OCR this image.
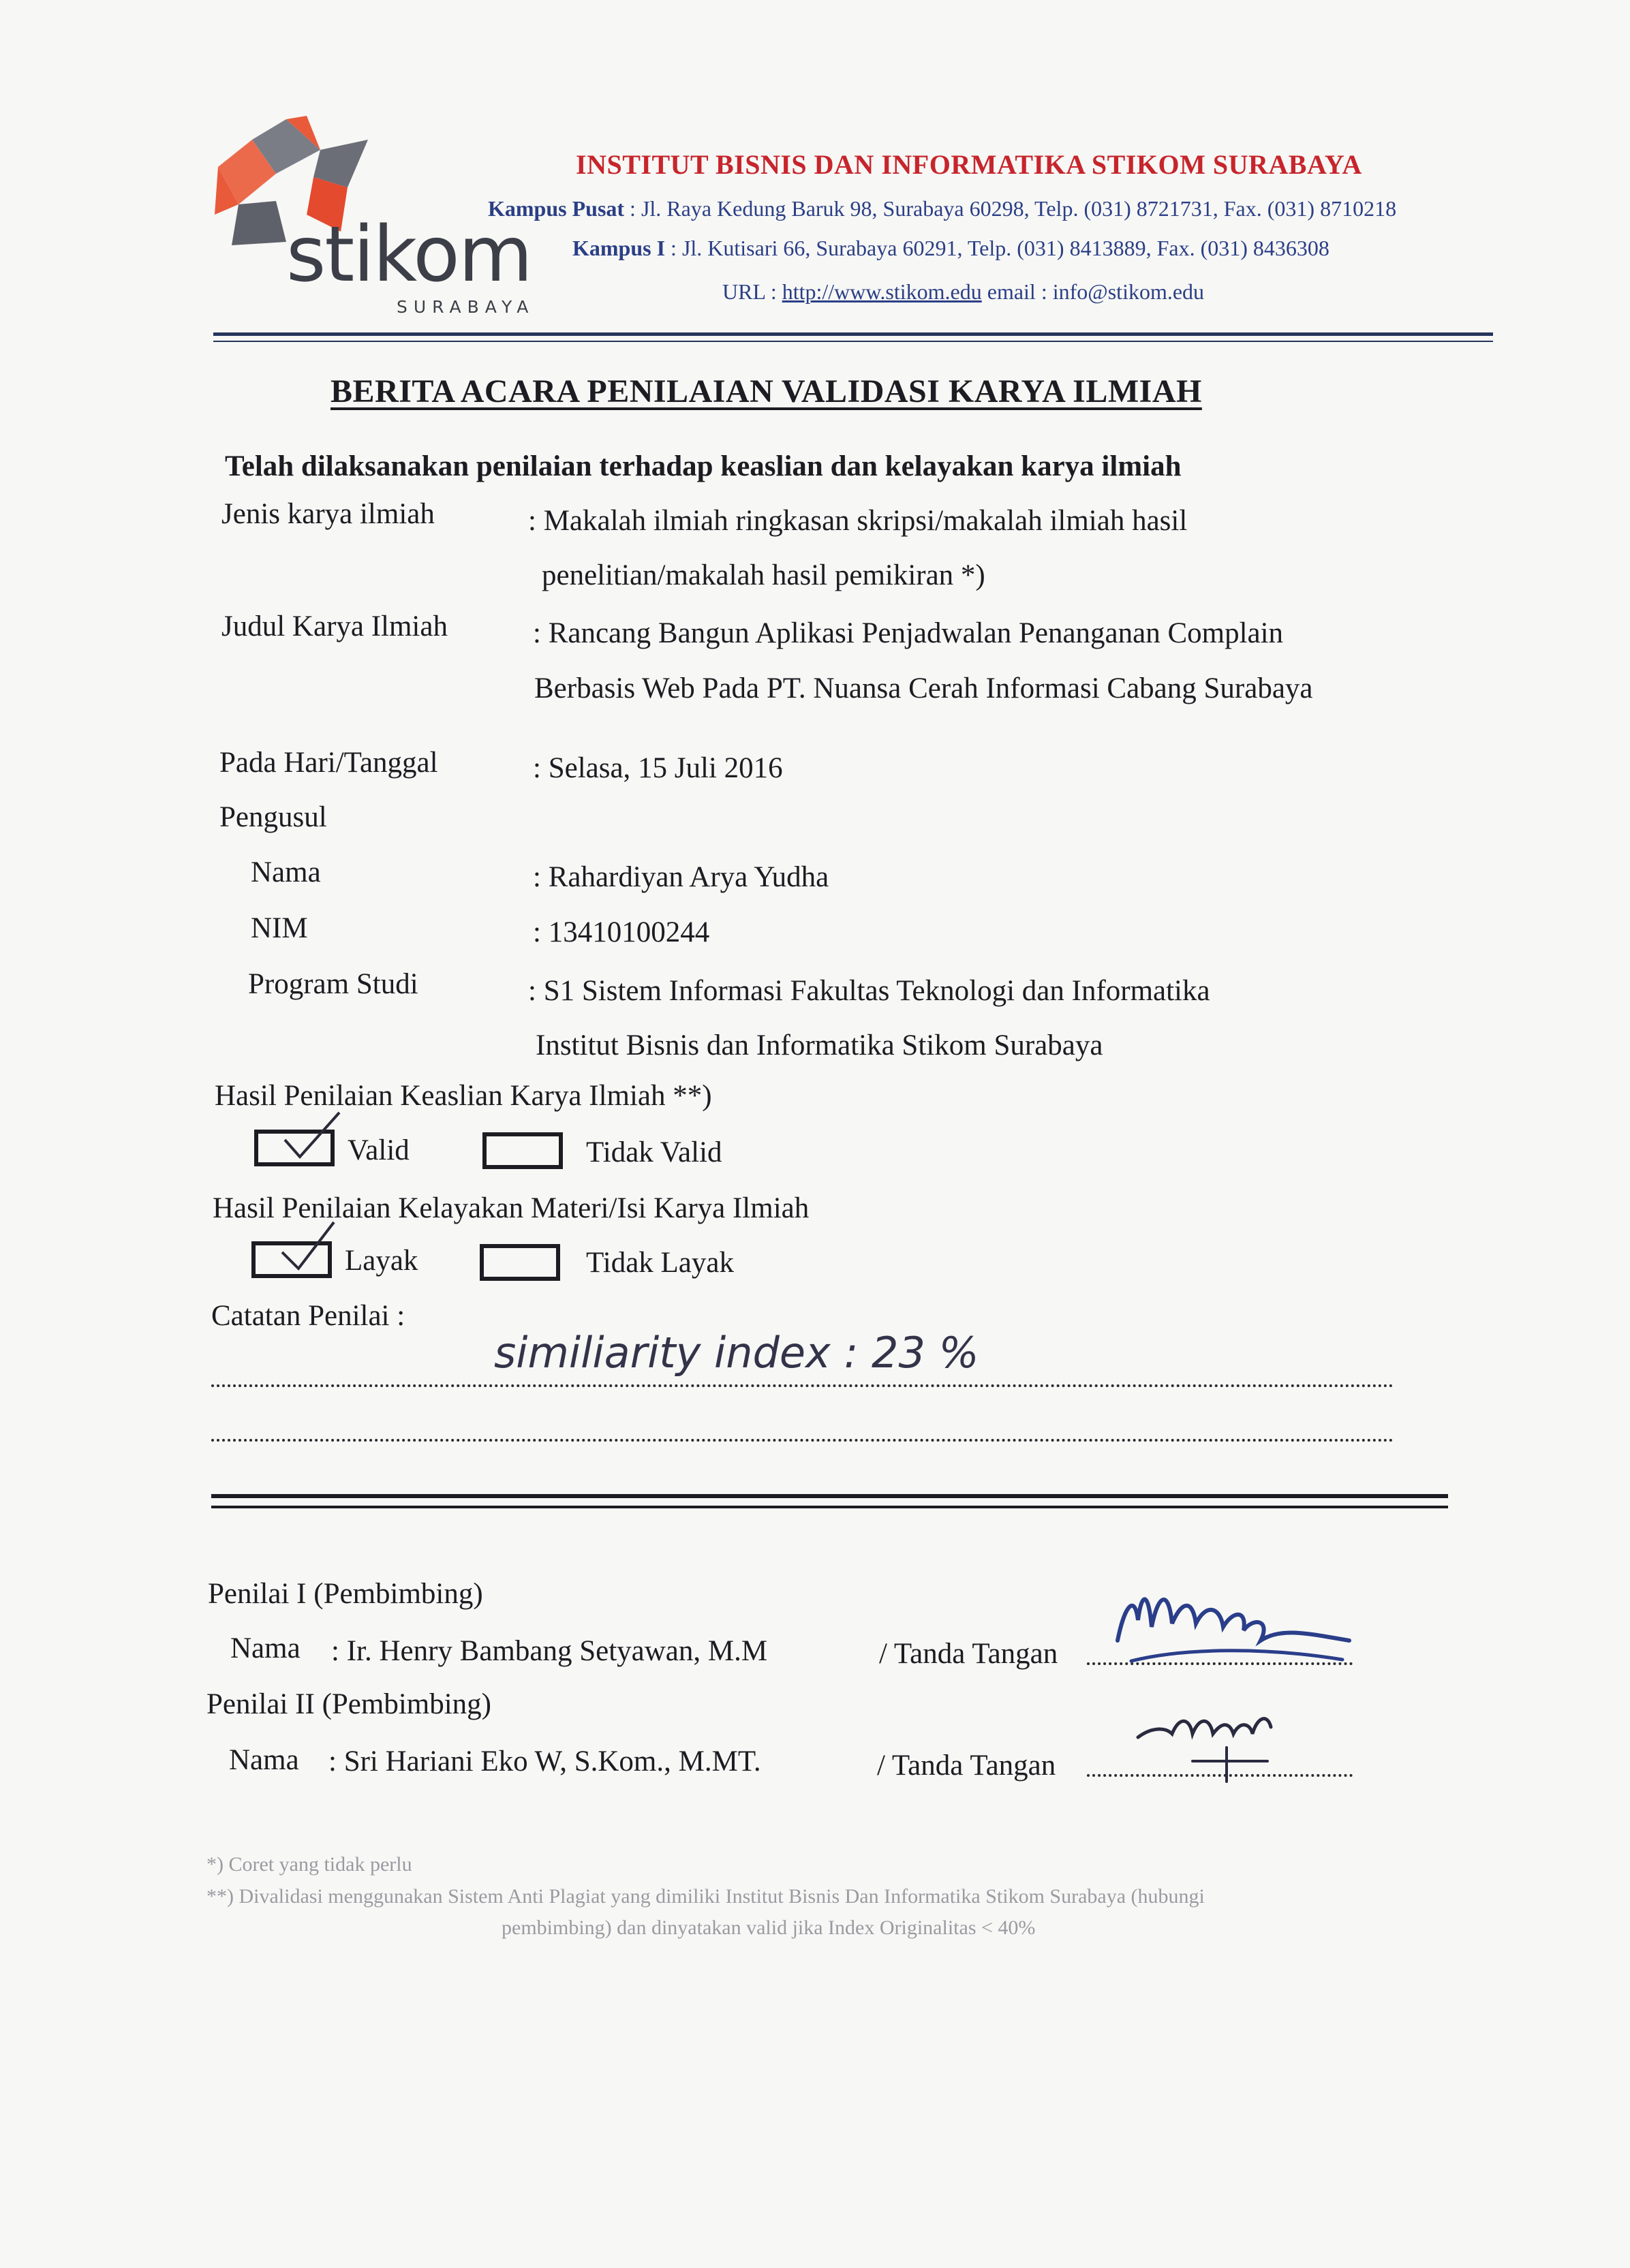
stikom
SURABAYA
INSTITUT BISNIS DAN INFORMATIKA STIKOM SURABAYA
Kampus Pusat : Jl. Raya Kedung Baruk 98, Surabaya 60298, Telp. (031) 8721731, Fax. (031) 8710218
Kampus I : Jl. Kutisari 66, Surabaya 60291, Telp. (031) 8413889, Fax. (031) 8436308
URL : http://www.stikom.edu email : info@stikom.edu
BERITA ACARA PENILAIAN VALIDASI KARYA ILMIAH
Telah dilaksanakan penilaian terhadap keaslian dan kelayakan karya ilmiah
Jenis karya ilmiah	: Makalah ilmiah ringkasan skripsi/makalah ilmiah hasil
penelitian/makalah hasil pemikiran *)
Judul Karya Ilmiah	: Rancang Bangun Aplikasi Penjadwalan Penanganan Complain
Berbasis Web Pada PT. Nuansa Cerah Informasi Cabang Surabaya
Pada Hari/Tanggal	: Selasa, 15 Juli 2016
Pengusul
Nama	: Rahardiyan Arya Yudha
NIM	: 13410100244
Program Studi	: S1 Sistem Informasi Fakultas Teknologi dan Informatika
Institut Bisnis dan Informatika Stikom Surabaya
Hasil Penilaian Keaslian Karya Ilmiah **)
Valid	Tidak Valid
Hasil Penilaian Kelayakan Materi/Isi Karya Ilmiah
Layak	Tidak Layak
Catatan Penilai :
similiarity index : 23 %
Penilai I (Pembimbing)
Nama : Ir. Henry Bambang Setyawan, M.M	/ Tanda Tangan
Penilai II (Pembimbing)
Nama : Sri Hariani Eko W, S.Kom., M.MT.	/ Tanda Tangan
*) Coret yang tidak perlu
**) Divalidasi menggunakan Sistem Anti Plagiat yang dimiliki Institut Bisnis Dan Informatika Stikom Surabaya (hubungi
pembimbing) dan dinyatakan valid jika Index Originalitas < 40%
